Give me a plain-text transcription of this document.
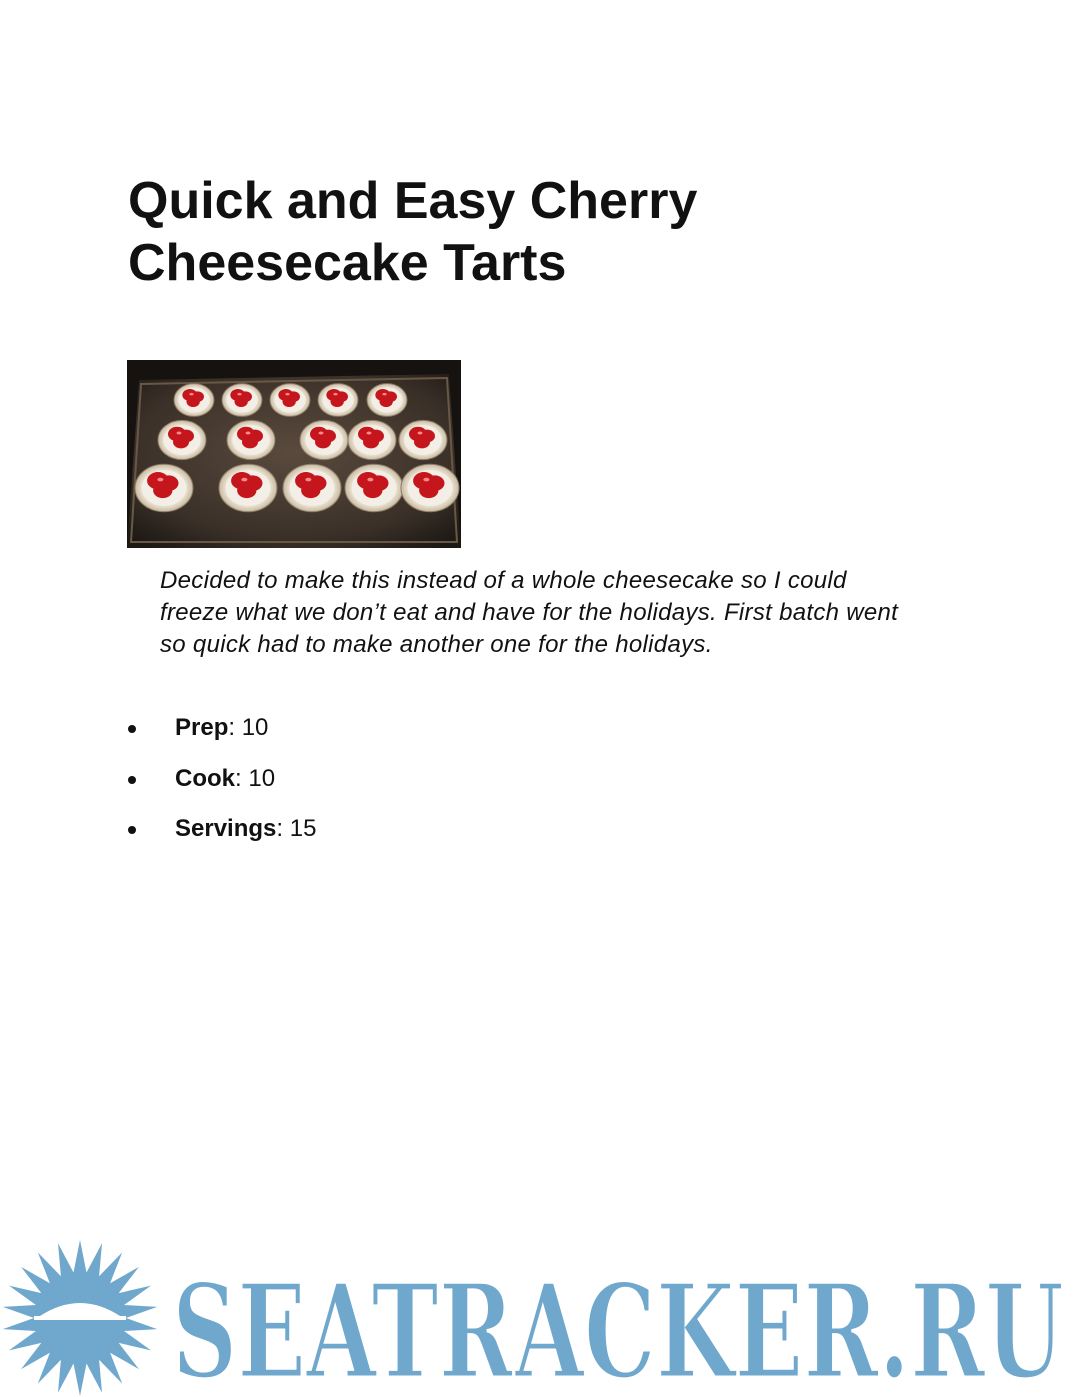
Quick and Easy Cherry
Cheesecake Tarts

Decided to make this instead of a whole cheesecake so I could freeze what we don’t eat and have for the holidays. First batch went so quick had to make another one for the holidays.

Prep: 10
Cook: 10
Servings: 15
SEATRACKER.RU
